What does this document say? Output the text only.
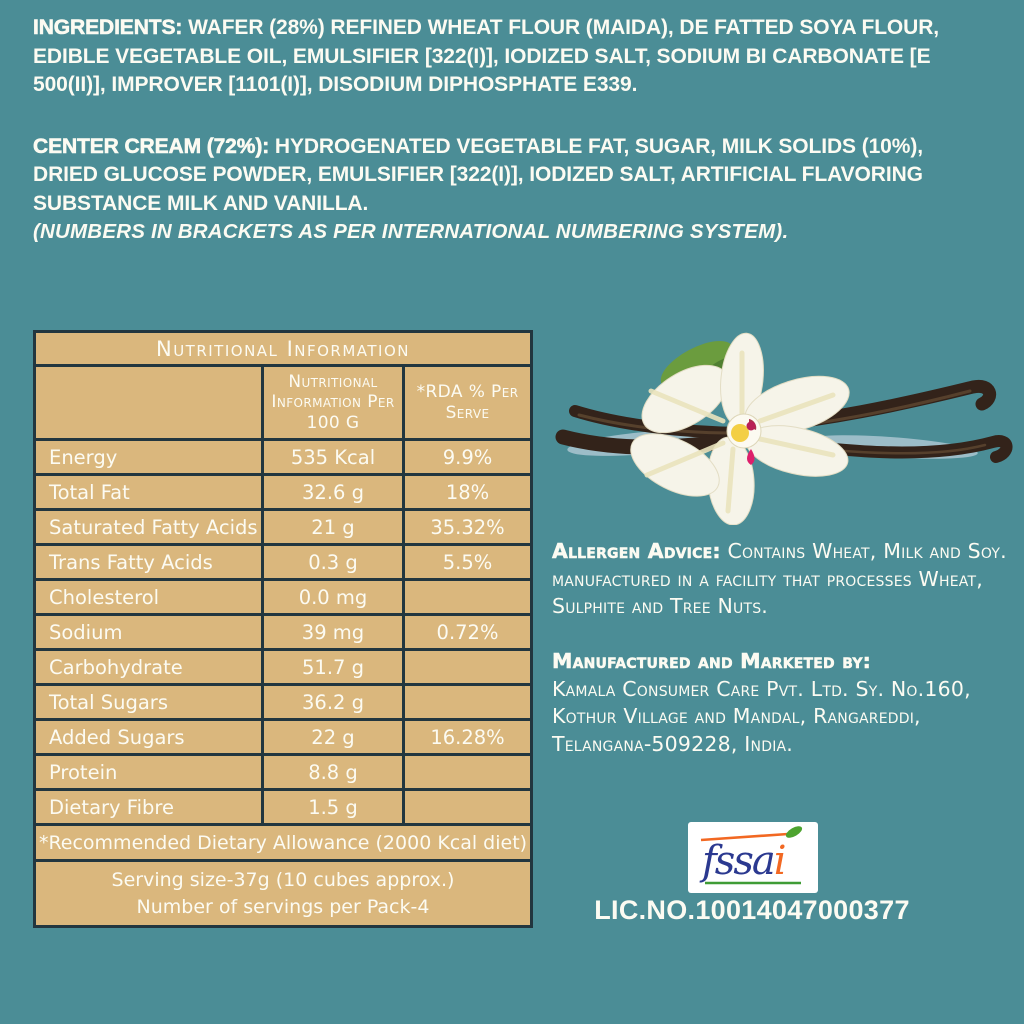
INGREDIENTS: WAFER (28%) REFINED WHEAT FLOUR (MAIDA), DE FATTED SOYA FLOUR, EDIBLE VEGETABLE OIL, EMULSIFIER [322(I)], IODIZED SALT, SODIUM BI CARBONATE [E 500(II)], IMPROVER [1101(I)], DISODIUM DIPHOSPHATE E339.

CENTER CREAM (72%): HYDROGENATED VEGETABLE FAT, SUGAR, MILK SOLIDS (10%), DRIED GLUCOSE POWDER, EMULSIFIER [322(I)], IODIZED SALT, ARTIFICIAL FLAVORING SUBSTANCE MILK AND VANILLA.

(NUMBERS IN BRACKETS AS PER INTERNATIONAL NUMBERING SYSTEM).

Nutritional Information		
	Nutritional Information Per 100 G	*RDA % Per Serve
Energy	535 Kcal	9.9%
Total Fat	32.6 g	18%
Saturated Fatty Acids	21 g	35.32%
Trans Fatty Acids	0.3 g	5.5%
Cholesterol	0.0 mg	
Sodium	39 mg	0.72%
Carbohydrate	51.7 g	
Total Sugars	36.2 g	
Added Sugars	22 g	16.28%
Protein	8.8 g	
Dietary Fibre	1.5 g	
*Recommended Dietary Allowance (2000 Kcal diet)		

Serving size-37g (10 cubes approx.)
Number of servings per Pack-4		
Allergen Advice: Contains Wheat, Milk and Soy. manufactured in a facility that processes Wheat, Sulphite and Tree Nuts.
Manufactured and Marketed by:
Kamala Consumer Care Pvt. Ltd. Sy. No.160, Kothur Village and Mandal, Rangareddi, Telangana-509228, India.
fssai
LIC.NO.10014047000377
